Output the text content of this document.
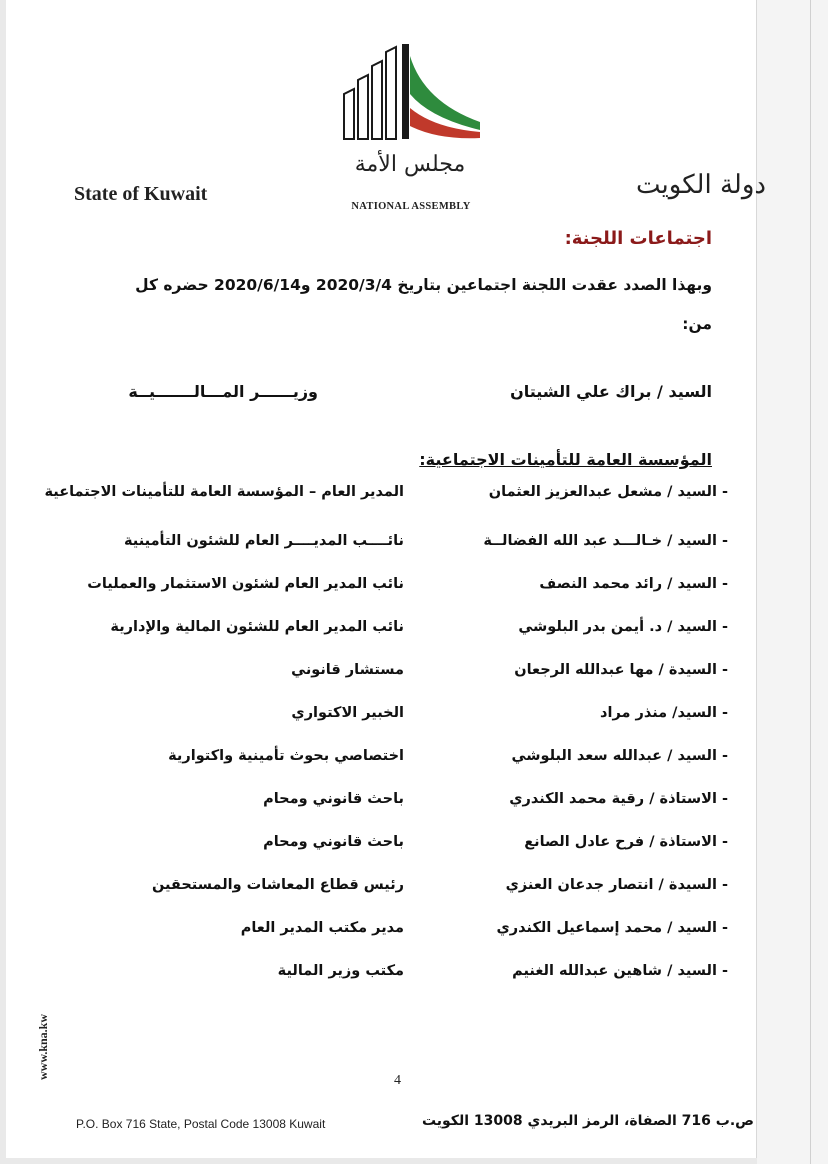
State of Kuwait	دولة الكويت
مجلس الأمة
NATIONAL ASSEMBLY
اجتماعات اللجنة:
وبهذا الصدد عقدت اللجنة اجتماعين بتاريخ 2020/3/4 و2020/6/14 حضره كل
من:
السيد / براك علي الشيتان
وزيــــــر المـــالـــــــيــة
المؤسسة العامة للتأمينات الاجتماعية:
- السيد / مشعل عبدالعزيز العثمان
المدير العام – المؤسسة العامة للتأمينات الاجتماعية
- السيد / خـالـــد عبد الله الفضالــة
نائــــب المديــــر العام للشئون التأمينية
- السيد / رائد محمد النصف
نائب المدير العام لشئون الاستثمار والعمليات
- السيد / د. أيمن بدر البلوشي
نائب المدير العام للشئون المالية والإدارية
- السيدة / مها عبدالله الرجعان
مستشار قانوني
- السيد/ منذر مراد
الخبير الاكتواري
- السيد / عبدالله سعد البلوشي
اختصاصي بحوث تأمينية واكتوارية
- الاستاذة / رقية محمد الكندري
باحث قانوني ومحام
- الاستاذة / فرح عادل الصانع
باحث قانوني ومحام
- السيدة / انتصار جدعان العنزي
رئيس قطاع المعاشات والمستحقين
- السيد / محمد إسماعيل الكندري
مدير مكتب المدير العام
- السيد / شاهين عبدالله الغنيم
مكتب وزير المالية
4
www.kna.kw
P.O. Box 716 State, Postal Code 13008 Kuwait	ص.ب 716 الصفاة، الرمز البريدي 13008 الكويت
